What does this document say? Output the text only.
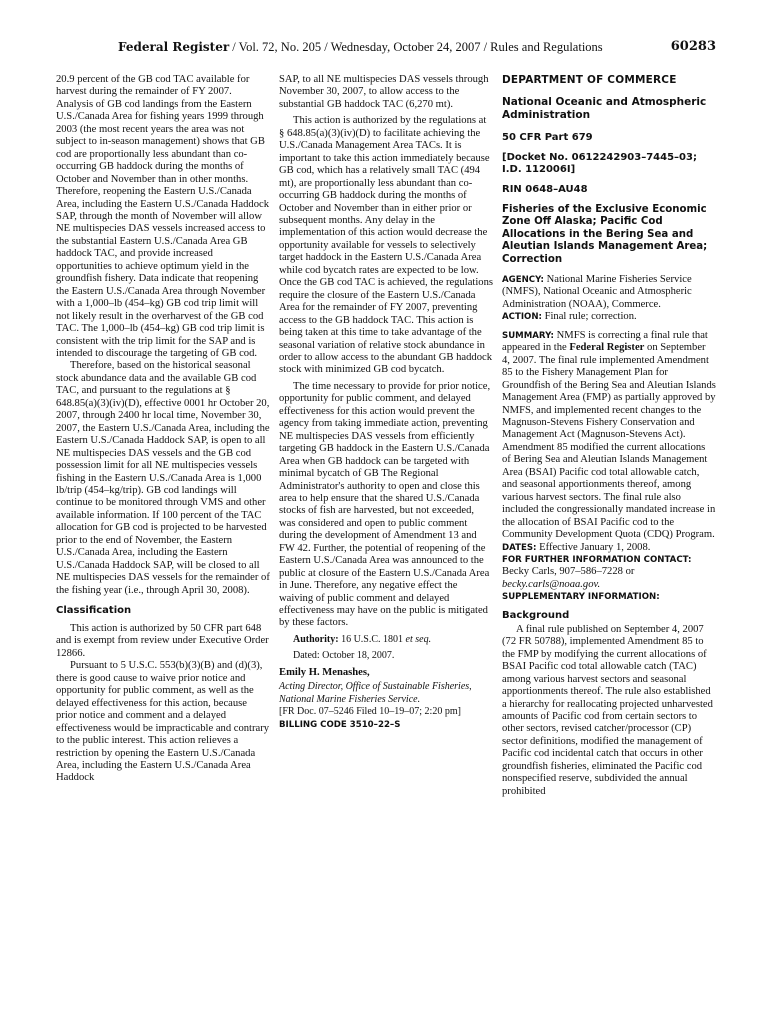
Federal Register / Vol. 72, No. 205 / Wednesday, October 24, 2007 / Rules and Regulations	60283

20.9 percent of the GB cod TAC available for harvest during the remainder of FY 2007. Analysis of GB cod landings from the Eastern U.S./Canada Area for fishing years 1999 through 2003 (the most recent years the area was not subject to in-season management) shows that GB cod are proportionally less abundant than co-occurring GB haddock during the months of October and November than in other months. Therefore, reopening the Eastern U.S./Canada Area, including the Eastern U.S./Canada Haddock SAP, through the month of November will allow NE multispecies DAS vessels increased access to the substantial Eastern U.S./Canada Area GB haddock TAC, and provide increased opportunities to achieve optimum yield in the groundfish fishery. Data indicate that reopening the Eastern U.S./Canada Area through November with a 1,000–lb (454–kg) GB cod trip limit will not likely result in the overharvest of the GB cod TAC. The 1,000–lb (454–kg) GB cod trip limit is consistent with the trip limit for the SAP and is intended to discourage the targeting of GB cod.

Therefore, based on the historical seasonal stock abundance data and the available GB cod TAC, and pursuant to the regulations at § 648.85(a)(3)(iv)(D), effective 0001 hr October 20, 2007, through 2400 hr local time, November 30, 2007, the Eastern U.S./Canada Area, including the Eastern U.S./Canada Haddock SAP, is open to all NE multispecies DAS vessels and the GB cod possession limit for all NE multispecies vessels fishing in the Eastern U.S./Canada Area is 1,000 lb/trip (454–kg/trip). GB cod landings will continue to be monitored through VMS and other available information. If 100 percent of the TAC allocation for GB cod is projected to be harvested prior to the end of November, the Eastern U.S./Canada Area, including the Eastern U.S./Canada Haddock SAP, will be closed to all NE multispecies DAS vessels for the remainder of the fishing year (i.e., through April 30, 2008).

Classification

This action is authorized by 50 CFR part 648 and is exempt from review under Executive Order 12866.

Pursuant to 5 U.S.C. 553(b)(3)(B) and (d)(3), there is good cause to waive prior notice and opportunity for public comment, as well as the delayed effectiveness for this action, because prior notice and comment and a delayed effectiveness would be impracticable and contrary to the public interest. This action relieves a restriction by opening the Eastern U.S./Canada Area, including the Eastern U.S./Canada Area Haddock

SAP, to all NE multispecies DAS vessels through November 30, 2007, to allow access to the substantial GB haddock TAC (6,270 mt).

This action is authorized by the regulations at § 648.85(a)(3)(iv)(D) to facilitate achieving the U.S./Canada Management Area TACs. It is important to take this action immediately because GB cod, which has a relatively small TAC (494 mt), are proportionally less abundant than co-occurring GB haddock during the months of October and November than in either prior or subsequent months. Any delay in the implementation of this action would decrease the opportunity available for vessels to selectively target haddock in the Eastern U.S./Canada Area while cod bycatch rates are expected to be low. Once the GB cod TAC is achieved, the regulations require the closure of the Eastern U.S./Canada Area for the remainder of FY 2007, preventing access to the GB haddock TAC. This action is being taken at this time to take advantage of the seasonal variation of relative stock abundance in order to allow access to the abundant GB haddock stock with minimized GB cod bycatch.

The time necessary to provide for prior notice, opportunity for public comment, and delayed effectiveness for this action would prevent the agency from taking immediate action, preventing NE multispecies DAS vessels from efficiently targeting GB haddock in the Eastern U.S./Canada Area when GB haddock can be targeted with minimal bycatch of GB The Regional Administrator's authority to open and close this area to help ensure that the shared U.S./Canada stocks of fish are harvested, but not exceeded, was considered and open to public comment during the development of Amendment 13 and FW 42. Further, the potential of reopening of the Eastern U.S./Canada Area was announced to the public at closure of the Eastern U.S./Canada Area in June. Therefore, any negative effect the waiving of public comment and delayed effectiveness may have on the public is mitigated by these factors.

Authority: 16 U.S.C. 1801 et seq.

Dated: October 18, 2007.

Emily H. Menashes,

Acting Director, Office of Sustainable Fisheries, National Marine Fisheries Service.

[FR Doc. 07–5246 Filed 10–19–07; 2:20 pm]

BILLING CODE 3510–22–S

DEPARTMENT OF COMMERCE

National Oceanic and Atmospheric Administration

50 CFR Part 679

[Docket No. 0612242903–7445–03; I.D. 112006I]

RIN 0648–AU48

Fisheries of the Exclusive Economic Zone Off Alaska; Pacific Cod Allocations in the Bering Sea and Aleutian Islands Management Area; Correction

AGENCY: National Marine Fisheries Service (NMFS), National Oceanic and Atmospheric Administration (NOAA), Commerce.

ACTION: Final rule; correction.

SUMMARY: NMFS is correcting a final rule that appeared in the Federal Register on September 4, 2007. The final rule implemented Amendment 85 to the Fishery Management Plan for Groundfish of the Bering Sea and Aleutian Islands Management Area (FMP) as partially approved by NMFS, and implemented recent changes to the Magnuson-Stevens Fishery Conservation and Management Act (Magnuson-Stevens Act). Amendment 85 modified the current allocations of Bering Sea and Aleutian Islands Management Area (BSAI) Pacific cod total allowable catch, and seasonal apportionments thereof, among various harvest sectors. The final rule also included the congressionally mandated increase in the allocation of BSAI Pacific cod to the Community Development Quota (CDQ) Program.

DATES: Effective January 1, 2008.

FOR FURTHER INFORMATION CONTACT:

Becky Carls, 907–586–7228 or becky.carls@noaa.gov.

SUPPLEMENTARY INFORMATION:

Background

A final rule published on September 4, 2007 (72 FR 50788), implemented Amendment 85 to the FMP by modifying the current allocations of BSAI Pacific cod total allowable catch (TAC) among various harvest sectors and seasonal apportionments thereof. The rule also established a hierarchy for reallocating projected unharvested amounts of Pacific cod from certain sectors to other sectors, revised catcher/processor (CP) sector definitions, modified the management of Pacific cod incidental catch that occurs in other groundfish fisheries, eliminated the Pacific cod nonspecified reserve, subdivided the annual prohibited
